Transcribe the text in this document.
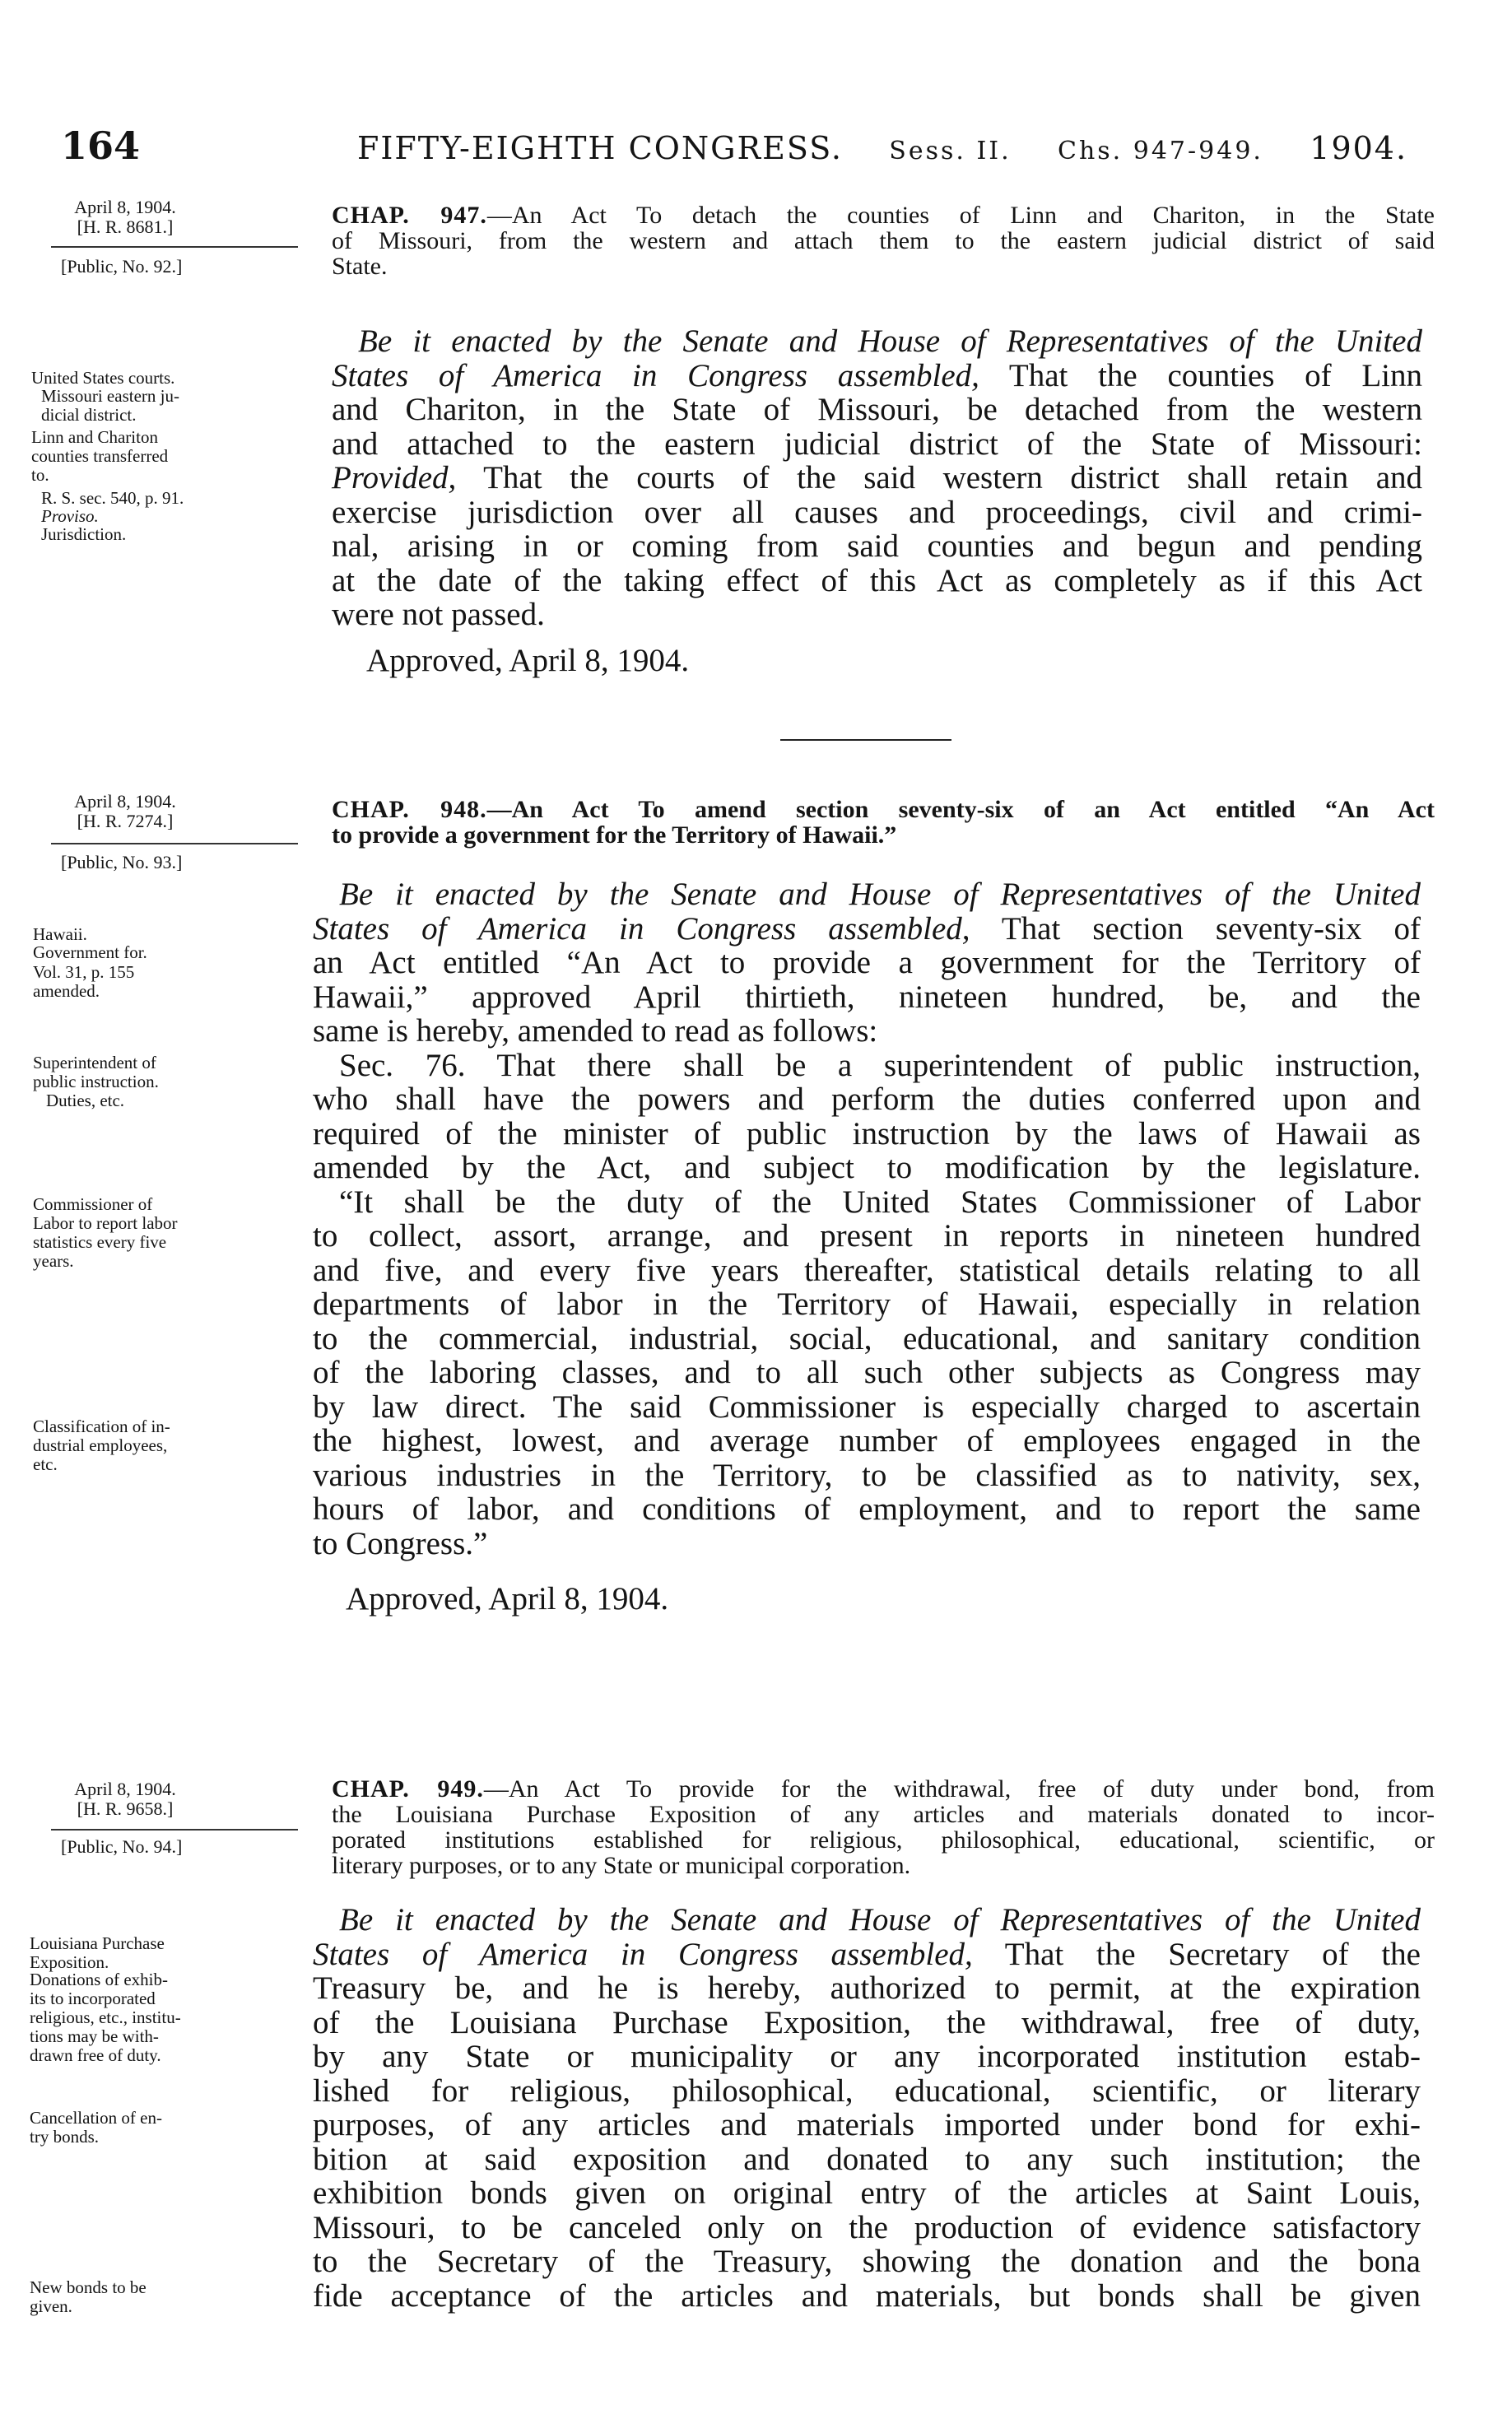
164	FIFTY-EIGHTH CONGRESS. Sess. II. Chs. 947-949. 1904.
April 8, 1904.
[H. R. 8681.]
[Public, No. 92.]
CHAP. 947.—An Act To detach the counties of Linn and Chariton, in the State
of Missouri, from the western and attach them to the eastern judicial district of said
State.
Be it enacted by the Senate and House of Representatives of the United
States of America in Congress assembled, That the counties of Linn
and Chariton, in the State of Missouri, be detached from the western
and attached to the eastern judicial district of the State of Missouri:
Provided, That the courts of the said western district shall retain and
exercise jurisdiction over all causes and proceedings, civil and crimi-
nal, arising in or coming from said counties and begun and pending
at the date of the taking effect of this Act as completely as if this Act
were not passed.
Approved, April 8, 1904.
United States courts.
Missouri eastern ju-
dicial district.
Linn and Chariton
counties transferred
to.
R. S. sec. 540, p. 91.
Proviso.
Jurisdiction.
April 8, 1904.
[H. R. 7274.]
[Public, No. 93.]
CHAP. 948.—An Act To amend section seventy-six of an Act entitled “An Act
to provide a government for the Territory of Hawaii.”
Be it enacted by the Senate and House of Representatives of the United
States of America in Congress assembled, That section seventy-six of
an Act entitled “An Act to provide a government for the Territory of
Hawaii,” approved April thirtieth, nineteen hundred, be, and the
same is hereby, amended to read as follows:
Sec. 76. That there shall be a superintendent of public instruction,
who shall have the powers and perform the duties conferred upon and
required of the minister of public instruction by the laws of Hawaii as
amended by the Act, and subject to modification by the legislature.
“It shall be the duty of the United States Commissioner of Labor
to collect, assort, arrange, and present in reports in nineteen hundred
and five, and every five years thereafter, statistical details relating to all
departments of labor in the Territory of Hawaii, especially in relation
to the commercial, industrial, social, educational, and sanitary condition
of the laboring classes, and to all such other subjects as Congress may
by law direct. The said Commissioner is especially charged to ascertain
the highest, lowest, and average number of employees engaged in the
various industries in the Territory, to be classified as to nativity, sex,
hours of labor, and conditions of employment, and to report the same
to Congress.”
Approved, April 8, 1904.
Hawaii.
Government for.
Vol. 31, p. 155
amended.
Superintendent of
public instruction.
Duties, etc.
Commissioner of
Labor to report labor
statistics every five
years.
Classification of in-
dustrial employees,
etc.
April 8, 1904.
[H. R. 9658.]
[Public, No. 94.]
CHAP. 949.—An Act To provide for the withdrawal, free of duty under bond, from
the Louisiana Purchase Exposition of any articles and materials donated to incor-
porated institutions established for religious, philosophical, educational, scientific, or
literary purposes, or to any State or municipal corporation.
Be it enacted by the Senate and House of Representatives of the United
States of America in Congress assembled, That the Secretary of the
Treasury be, and he is hereby, authorized to permit, at the expiration
of the Louisiana Purchase Exposition, the withdrawal, free of duty,
by any State or municipality or any incorporated institution estab-
lished for religious, philosophical, educational, scientific, or literary
purposes, of any articles and materials imported under bond for exhi-
bition at said exposition and donated to any such institution; the
exhibition bonds given on original entry of the articles at Saint Louis,
Missouri, to be canceled only on the production of evidence satisfactory
to the Secretary of the Treasury, showing the donation and the bona
fide acceptance of the articles and materials, but bonds shall be given
Louisiana Purchase
Exposition.
Donations of exhib-
its to incorporated
religious, etc., institu-
tions may be with-
drawn free of duty.
Cancellation of en-
try bonds.
New bonds to be
given.
